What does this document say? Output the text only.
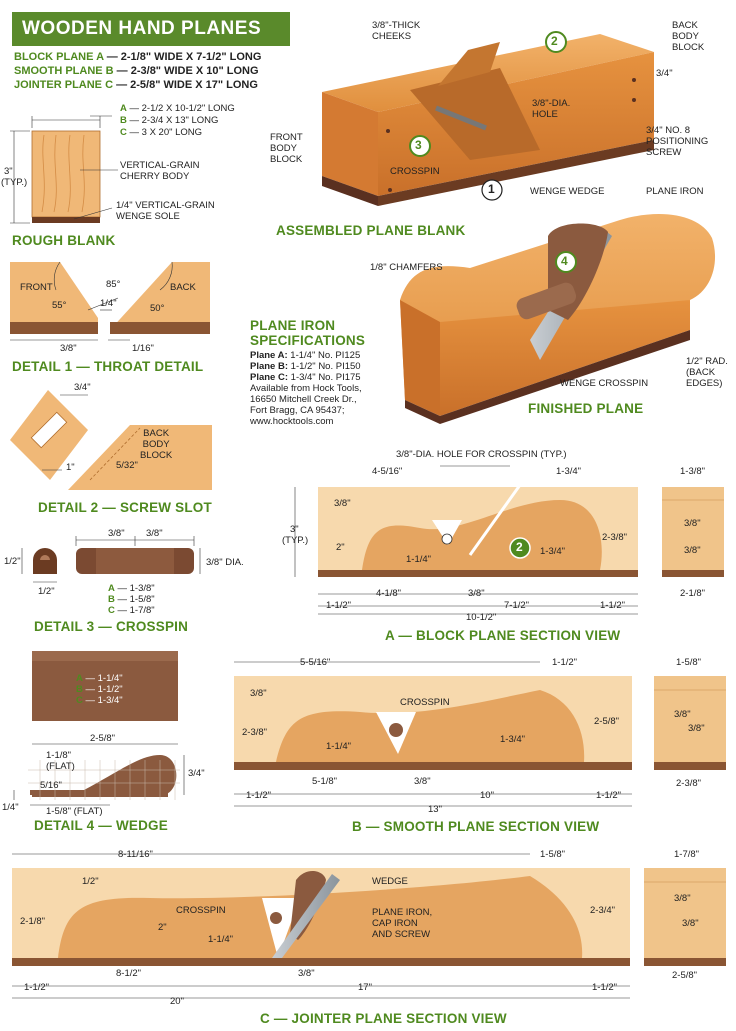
2
3
1
4
2
WOODEN HAND PLANES
BLOCK PLANE A — 2-1/8" WIDE X 7-1/2" LONG
SMOOTH PLANE B — 2-3/8" WIDE X 10" LONG
JOINTER PLANE C — 2-5/8" WIDE X 17" LONG
A — 2-1/2 X 10-1/2" LONG
B — 2-3/4 X 13" LONG
C — 3 X 20" LONG
3"
(TYP.)
VERTICAL-GRAIN
CHERRY BODY
1/4" VERTICAL-GRAIN
WENGE SOLE
ROUGH BLANK
FRONT	BACK
55°	50°
85°
1/4"
3/8"	1/16"
DETAIL 1 — THROAT DETAIL
3/4"
1"	5/32"
BACK
BODY
BLOCK
DETAIL 2 — SCREW SLOT
1/2"
1/2"
3/8" 3/8"
3/8" DIA.
A — 1-3/8"
B — 1-5/8"
C — 1-7/8"
DETAIL 3 — CROSSPIN
A — 1-1/4"
B — 1-1/2"
C — 1-3/4"
2-5/8"
1-1/8"
(FLAT)
5/16"
3/4"
1/4"	1-5/8" (FLAT)
DETAIL 4 — WEDGE
3/8"-THICK
CHEEKS
BACK
BODY
BLOCK
FRONT
BODY
BLOCK
3/8"-DIA.
HOLE
CROSSPIN
3/4"
3/4" NO. 8
POSITIONING
SCREW
ASSEMBLED PLANE BLANK
WENGE WEDGE	PLANE IRON
1/8" CHAMFERS
WENGE CROSSPIN
1/2" RAD.
(BACK
EDGES)
FINISHED PLANE
PLANE IRON
SPECIFICATIONS
Plane A: 1-1/4" No. PI125
Plane B: 1-1/2" No. PI150
Plane C: 1-3/4" No. PI175
Available from Hock Tools,
16650 Mitchell Creek Dr.,
Fort Bragg, CA 95437;
www.hocktools.com
3/8"-DIA. HOLE FOR CROSSPIN (TYP.)
4-5/16"	1-3/4"	1-3/8"
3"
(TYP.)
3/8"
2"
1-1/4"
1-3/4"
2-3/8"
4-1/8"	3/8"
1-1/2"	7-1/2"	1-1/2"
10-1/2"
3/8"
3/8"
2-1/8"
A — BLOCK PLANE SECTION VIEW
5-5/16"	1-1/2"	1-5/8"
3/8"
CROSSPIN
2-3/8"
1-1/4"
1-3/4"
2-5/8"
5-1/8"	3/8"
1-1/2"	10"	1-1/2"
13"
3/8"
3/8"
2-3/8"
B — SMOOTH PLANE SECTION VIEW
8-11/16"	1-5/8"	1-7/8"
1/2"
2-1/8"
CROSSPIN
2"
1-1/4"
WEDGE
PLANE IRON,
CAP IRON
AND SCREW
2-3/4"
8-1/2"	3/8"
1-1/2"	17"	1-1/2"
20"
3/8"
3/8"
2-5/8"
C — JOINTER PLANE SECTION VIEW
